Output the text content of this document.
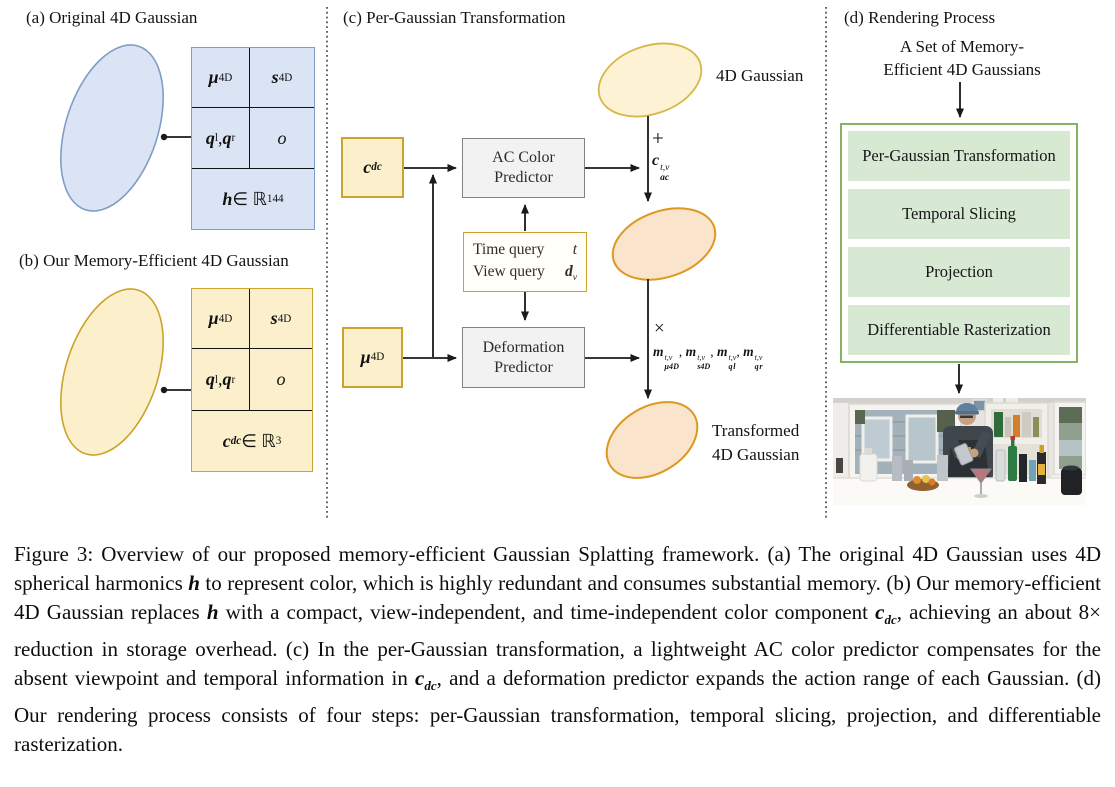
(a) Original 4D Gaussian
(b) Our Memory-Efficient 4D Gaussian
(c) Per-Gaussian Transformation	(d) Rendering Process
μ 4D s 4D
q l , q r o
h ∈ ℝ 144
μ 4D s 4D
q l , q r o
c dc ∈ ℝ 3
c dc
AC Color Predictor
Time query t
View query $d_v$
Deformation Predictor
μ 4D
4D Gaussian
+
c t,v
ac
×
m t,v
μ4D
, m t,v
s4D
, m t,v
q l
, m t,v
q r
Transformed 4D Gaussian
A Set of Memory-Efficient 4D Gaussians
Per-Gaussian Transformation
Temporal Slicing
Projection
Differentiable Rasterization
Figure 3: Overview of our proposed memory-efficient Gaussian Splatting framework. (a) The original 4D Gaussian uses 4D spherical harmonics h to represent color, which is highly redundant and consumes substantial memory. (b) Our memory-efficient 4D Gaussian replaces h with a compact, view-independent, and time-independent color component $c_{dc}$, achieving an about 8× reduction in storage overhead. (c) In the per-Gaussian transformation, a lightweight AC color predictor compensates for the absent viewpoint and temporal information in $c_{dc}$, and a deformation predictor expands the action range of each Gaussian. (d) Our rendering process consists of four steps: per-Gaussian transformation, temporal slicing, projection, and differentiable rasterization.
